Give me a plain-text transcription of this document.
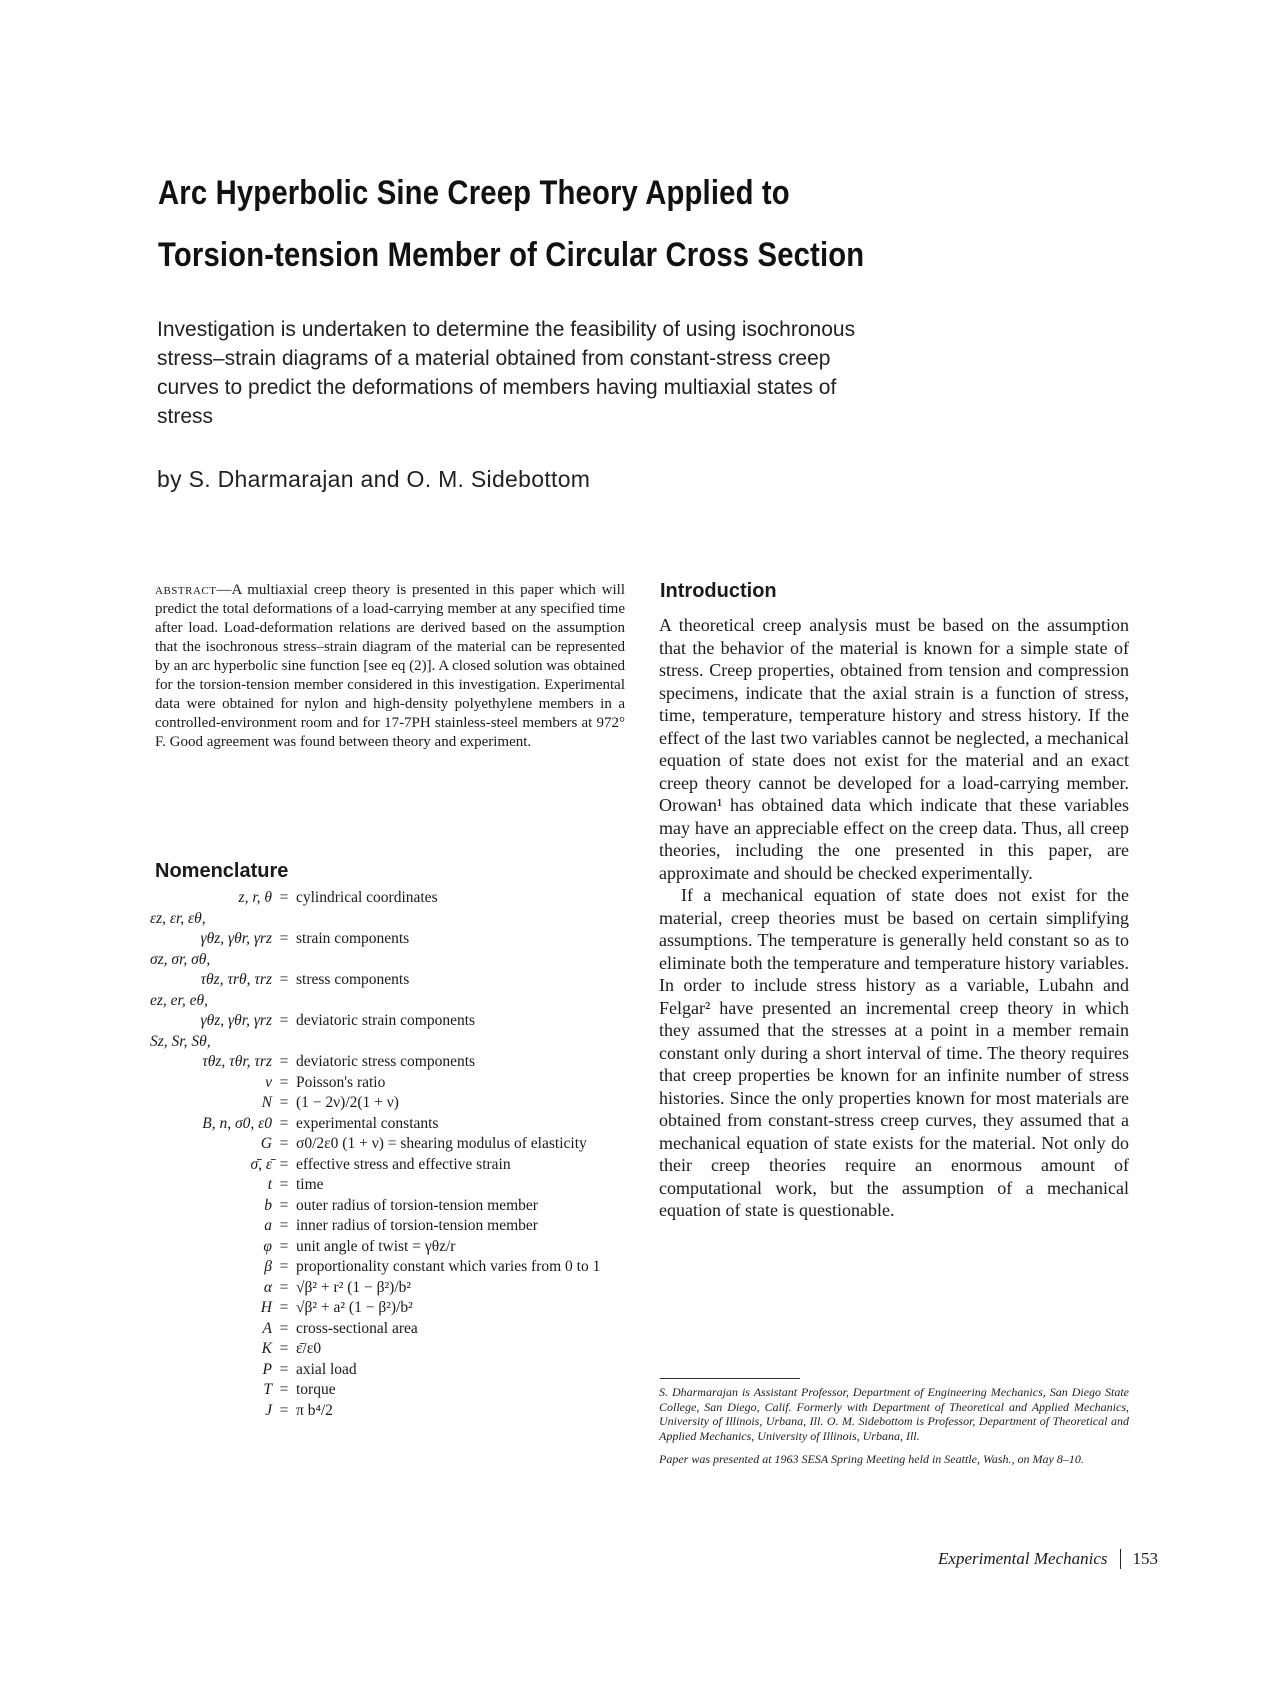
Arc Hyperbolic Sine Creep Theory Applied to
Torsion-tension Member of Circular Cross Section

Investigation is undertaken to determine the feasibility of using isochronous stress–strain diagrams of a material obtained from constant-stress creep curves to predict the deformations of members having multiaxial states of stress

by S. Dharmarajan and O. M. Sidebottom

abstract—A multiaxial creep theory is presented in this paper which will predict the total deformations of a load-carrying member at any specified time after load. Load-deformation relations are derived based on the assumption that the isochronous stress–strain diagram of the material can be represented by an arc hyperbolic sine function [see eq (2)]. A closed solution was obtained for the torsion-tension member considered in this investigation. Experimental data were obtained for nylon and high-density polyethylene members in a controlled-environment room and for 17-7PH stainless-steel members at 972° F. Good agreement was found between theory and experiment.

Nomenclature
z, r, θ = cylindrical coordinates
εz, εr, εθ,
γθz, γθr, γrz = strain components
σz, σr, σθ,
τθz, τrθ, τrz = stress components
ez, er, eθ,
γθz, γθr, γrz = deviatoric strain components
Sz, Sr, Sθ,
τθz, τθr, τrz = deviatoric stress components
ν = Poisson's ratio
N = (1 − 2ν)/2(1 + ν)
B, n, σ0, ε0 = experimental constants
G = σ0/2ε0 (1 + ν) = shearing modulus of elasticity
σ̄, ε̄ = effective stress and effective strain
t = time
b = outer radius of torsion-tension member
a = inner radius of torsion-tension member
φ = unit angle of twist = γθz/r
β = proportionality constant which varies from 0 to 1
α = √β² + r² (1 − β²)/b²
H = √β² + a² (1 − β²)/b²
A = cross-sectional area
K = ε̄/ε0
P = axial load
T = torque
J = π b⁴/2
Introduction

A theoretical creep analysis must be based on the assumption that the behavior of the material is known for a simple state of stress. Creep properties, obtained from tension and compression specimens, indicate that the axial strain is a function of stress, time, temperature, temperature history and stress history. If the effect of the last two variables cannot be neglected, a mechanical equation of state does not exist for the material and an exact creep theory cannot be developed for a load-carrying member. Orowan¹ has obtained data which indicate that these variables may have an appreciable effect on the creep data. Thus, all creep theories, including the one presented in this paper, are approximate and should be checked experimentally.

If a mechanical equation of state does not exist for the material, creep theories must be based on certain simplifying assumptions. The temperature is generally held constant so as to eliminate both the temperature and temperature history variables. In order to include stress history as a variable, Lubahn and Felgar² have presented an incremental creep theory in which they assumed that the stresses at a point in a member remain constant only during a short interval of time. The theory requires that creep properties be known for an infinite number of stress histories. Since the only properties known for most materials are obtained from constant-stress creep curves, they assumed that a mechanical equation of state exists for the material. Not only do their creep theories require an enormous amount of computational work, but the assumption of a mechanical equation of state is questionable.

S. Dharmarajan is Assistant Professor, Department of Engineering Mechanics, San Diego State College, San Diego, Calif. Formerly with Department of Theoretical and Applied Mechanics, University of Illinois, Urbana, Ill. O. M. Sidebottom is Professor, Department of Theoretical and Applied Mechanics, University of Illinois, Urbana, Ill.

Paper was presented at 1963 SESA Spring Meeting held in Seattle, Wash., on May 8–10.

Experimental Mechanics 153
